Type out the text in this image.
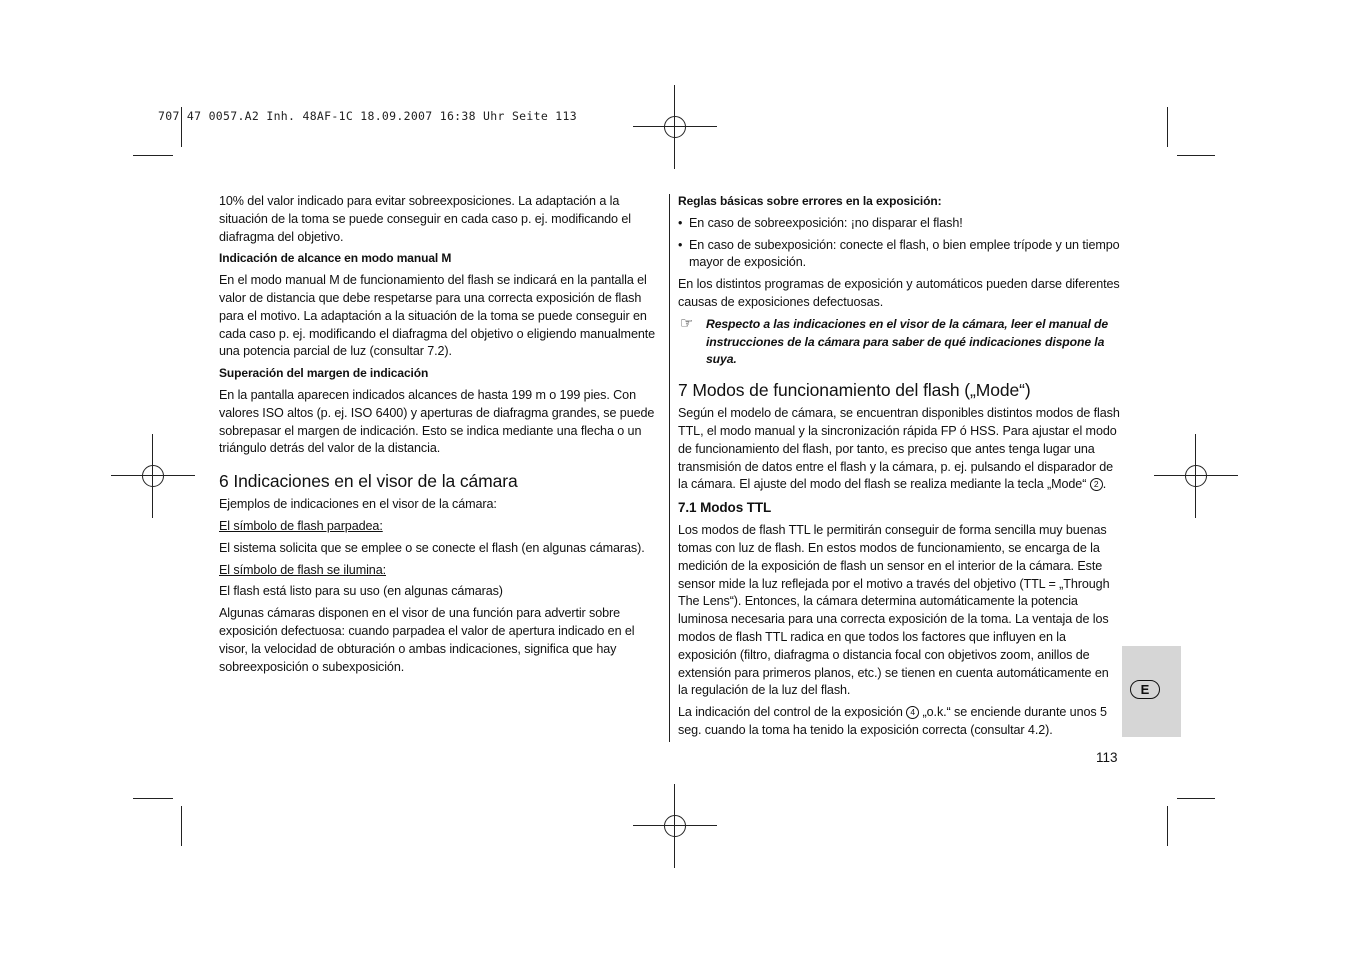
707 47 0057.A2 Inh. 48AF-1C 18.09.2007 16:38 Uhr Seite 113

10% del valor indicado para evitar sobreexposiciones. La adaptación a la situación de la toma se puede conseguir en cada caso p. ej. modificando el diafragma del objetivo.

Indicación de alcance en modo manual M

En el modo manual M de funcionamiento del flash se indicará en la pantalla el valor de distancia que debe respetarse para una correcta exposición de flash para el motivo. La adaptación a la situación de la toma se puede conseguir en cada caso p. ej. modificando el diafragma del objetivo o eligiendo manualmente una potencia parcial de luz (consultar 7.2).

Superación del margen de indicación

En la pantalla aparecen indicados alcances de hasta 199 m o 199 pies. Con valores ISO altos (p. ej. ISO 6400) y aperturas de diafragma grandes, se puede sobrepasar el margen de indicación. Esto se indica mediante una flecha o un triángulo detrás del valor de la distancia.

6 Indicaciones en el visor de la cámara

Ejemplos de indicaciones en el visor de la cámara:

El símbolo de flash parpadea:

El sistema solicita que se emplee o se conecte el flash (en algunas cámaras).

El símbolo de flash se ilumina:

El flash está listo para su uso (en algunas cámaras)

Algunas cámaras disponen en el visor de una función para advertir sobre exposición defectuosa: cuando parpadea el valor de apertura indicado en el visor, la velocidad de obturación o ambas indicaciones, significa que hay sobreexposición o subexposición.

Reglas básicas sobre errores en la exposición:

• En caso de sobreexposición: ¡no disparar el flash!
• En caso de subexposición: conecte el flash, o bien emplee trípode y un tiempo mayor de exposición.

En los distintos programas de exposición y automáticos pueden darse diferentes causas de exposiciones defectuosas.

☞ Respecto a las indicaciones en el visor de la cámara, leer el manual de instrucciones de la cámara para saber de qué indicaciones dispone la suya.

7 Modos de funcionamiento del flash („Mode“)

Según el modelo de cámara, se encuentran disponibles distintos modos de flash TTL, el modo manual y la sincronización rápida FP ó HSS. Para ajustar el modo de funcionamiento del flash, por tanto, es preciso que antes tenga lugar una transmisión de datos entre el flash y la cámara, p. ej. pulsando el disparador de la cámara. El ajuste del modo del flash se realiza mediante la tecla „Mode“ 2 .

7.1 Modos TTL

Los modos de flash TTL le permitirán conseguir de forma sencilla muy buenas tomas con luz de flash. En estos modos de funcionamiento, se encarga de la medición de la exposición de flash un sensor en el interior de la cámara. Este sensor mide la luz reflejada por el motivo a través del objetivo (TTL = „Through The Lens“). Entonces, la cámara determina automáticamente la potencia luminosa necesaria para una correcta exposición de la toma. La ventaja de los modos de flash TTL radica en que todos los factores que influyen en la exposición (filtro, diafragma o distancia focal con objetivos zoom, anillos de extensión para primeros planos, etc.) se tienen en cuenta automáticamente en la regulación de la luz del flash.

La indicación del control de la exposición 4 „o.k.“ se enciende durante unos 5 seg. cuando la toma ha tenido la exposición correcta (consultar 4.2).

E
113
